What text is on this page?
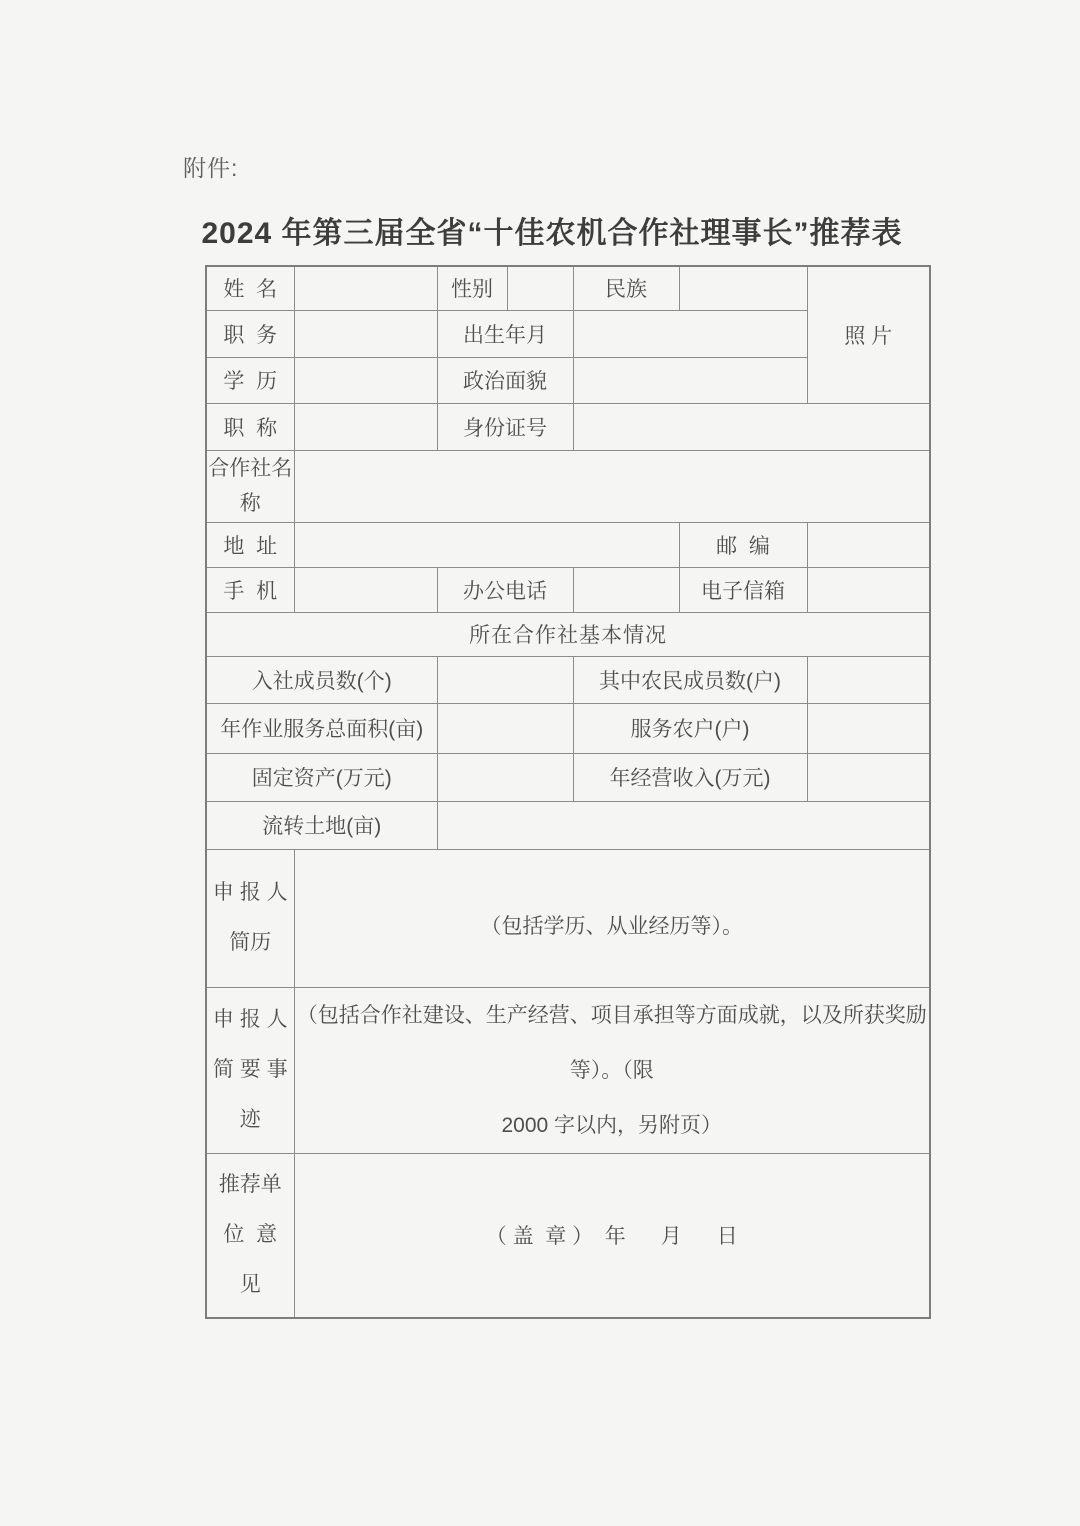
附件:
2024 年第三届全省“十佳农机合作社理事长”推荐表
姓  名		性别		民族		照 片
职  务		出生年月				
学  历		政治面貌				
职  称		身份证号				

合作社名
称						

地  址					邮  编	
手  机		办公电话			电子信箱	
所在合作社基本情况						
入社成员数(个)				其中农民成员数(户)		
年作业服务总面积(亩)				服务农户(户)		
固定资产(万元)				年经营收入(万元)		
流转土地(亩)						

申 报 人
简历	（包括学历、从业经历等）。					

申 报 人
简 要 事
迹

（包括合作社建设、生产经营、项目承担等方面成就，以及所获奖励等）。（限
2000 字以内，另附页）

推荐单
位  意
见	（ 盖  章 ）  年      月      日					
